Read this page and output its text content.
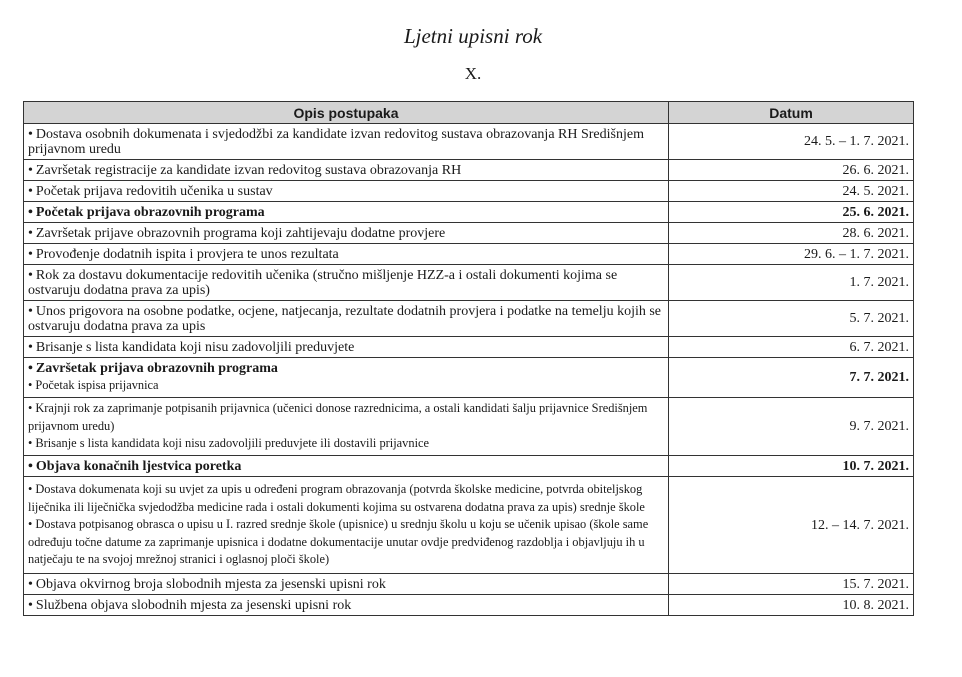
Ljetni upisni rok
X.
Opis postupaka	Datum

• Dostava osobnih dokumenata i svjedodžbi za kandidate izvan redovitog sustava obrazovanja RH Središnjem prijavnom uredu	24. 5. – 1. 7. 2021.

• Završetak registracije za kandidate izvan redovitog sustava obrazovanja RH	26. 6. 2021.

• Početak prijava redovitih učenika u sustav	24. 5. 2021.

• Početak prijava obrazovnih programa	25. 6. 2021.

• Završetak prijave obrazovnih programa koji zahtijevaju dodatne provjere	28. 6. 2021.

• Provođenje dodatnih ispita i provjera te unos rezultata	29. 6. – 1. 7. 2021.

• Rok za dostavu dokumentacije redovitih učenika (stručno mišljenje HZZ-a i ostali dokumenti kojima se ostvaruju dodatna prava za upis)	1. 7. 2021.

• Unos prigovora na osobne podatke, ocjene, natjecanja, rezultate dodatnih provjera i podatke na temelju kojih se ostvaruju dodatna prava za upis	5. 7. 2021.

• Brisanje s lista kandidata koji nisu zadovoljili preduvjete	6. 7. 2021.

• Završetak prijava obrazovnih programa
• Početak ispisa prijavnica	7. 7. 2021.

• Krajnji rok za zaprimanje potpisanih prijavnica (učenici donose razrednicima, a ostali kandidati šalju prijavnice Središnjem prijavnom uredu)
• Brisanje s lista kandidata koji nisu zadovoljili preduvjete ili dostavili prijavnice	9. 7. 2021.

• Objava konačnih ljestvica poretka	10. 7. 2021.

• Dostava dokumenata koji su uvjet za upis u određeni program obrazovanja (potvrda školske medicine, potvrda obiteljskog liječnika ili liječnička svjedodžba medicine rada i ostali dokumenti kojima su ostvarena dodatna prava za upis) srednje škole
• Dostava potpisanog obrasca o upisu u I. razred srednje škole (upisnice) u srednju školu u koju se učenik upisao (škole same određuju točne datume za zaprimanje upisnica i dodatne dokumentacije unutar ovdje predviđenog razdoblja i objavljuju ih u natječaju te na svojoj mrežnoj stranici i oglasnoj ploči škole)	12. – 14. 7. 2021.

• Objava okvirnog broja slobodnih mjesta za jesenski upisni rok	15. 7. 2021.

• Službena objava slobodnih mjesta za jesenski upisni rok	10. 8. 2021.
